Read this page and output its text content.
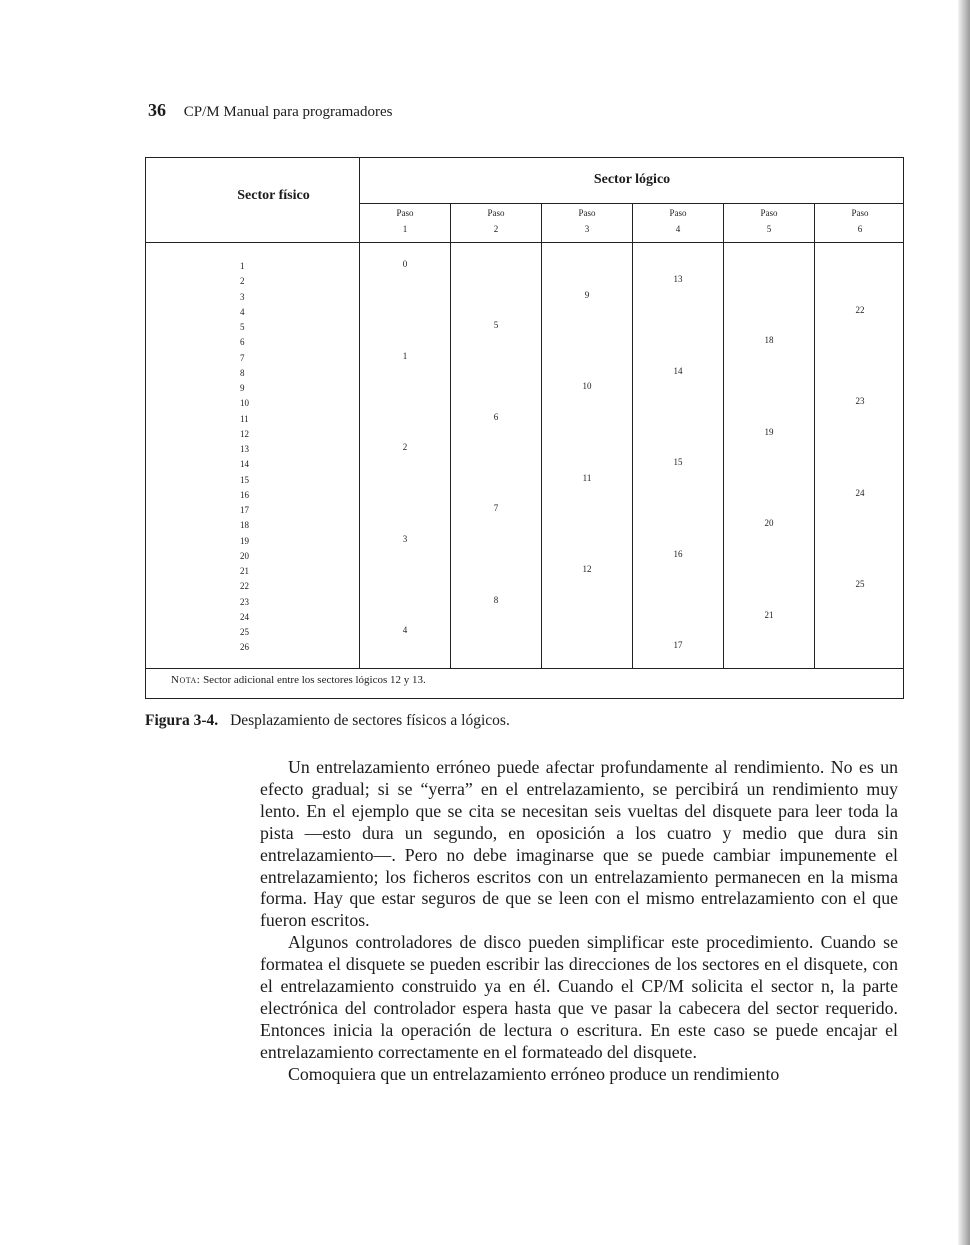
36 CP/M Manual para programadores
Sector físico
Sector lógico
Paso
1
Paso
2
Paso
3
Paso
4
Paso
5
Paso
6
1
2
3
4
5
6
7
8
9
10
11
12
13
14
15
16
17
18
19
20
21
22
23
24
25
26
Nota: Sector adicional entre los sectores lógicos 12 y 13.
0
1
2
3
4
5
6
7
8
9
10
11
12
13
14
15
16
17
18
19
20
21
22
23
24
25
Figura 3-4. Desplazamiento de sectores físicos a lógicos.

Un entrelazamiento erróneo puede afectar profundamente al rendimiento. No es un efecto gradual; si se “yerra” en el entrelazamiento, se percibirá un rendimiento muy lento. En el ejemplo que se cita se necesitan seis vueltas del disquete para leer toda la pista —esto dura un segundo, en oposición a los cuatro y medio que dura sin entrelazamiento—. Pero no debe imaginarse que se puede cambiar impunemente el entrelazamiento; los ficheros escritos con un entrelazamiento permanecen en la misma forma. Hay que estar seguros de que se leen con el mismo entrelazamiento con el que fueron escritos.

Algunos controladores de disco pueden simplificar este procedimiento. Cuando se formatea el disquete se pueden escribir las direcciones de los sectores en el disquete, con el entrelazamiento construido ya en él. Cuando el CP/M solicita el sector n, la parte electrónica del controlador espera hasta que ve pasar la cabecera del sector requerido. Entonces inicia la operación de lectura o escritura. En este caso se puede encajar el entrelazamiento correctamente en el formateado del disquete.

Comoquiera que un entrelazamiento erróneo produce un rendimiento
